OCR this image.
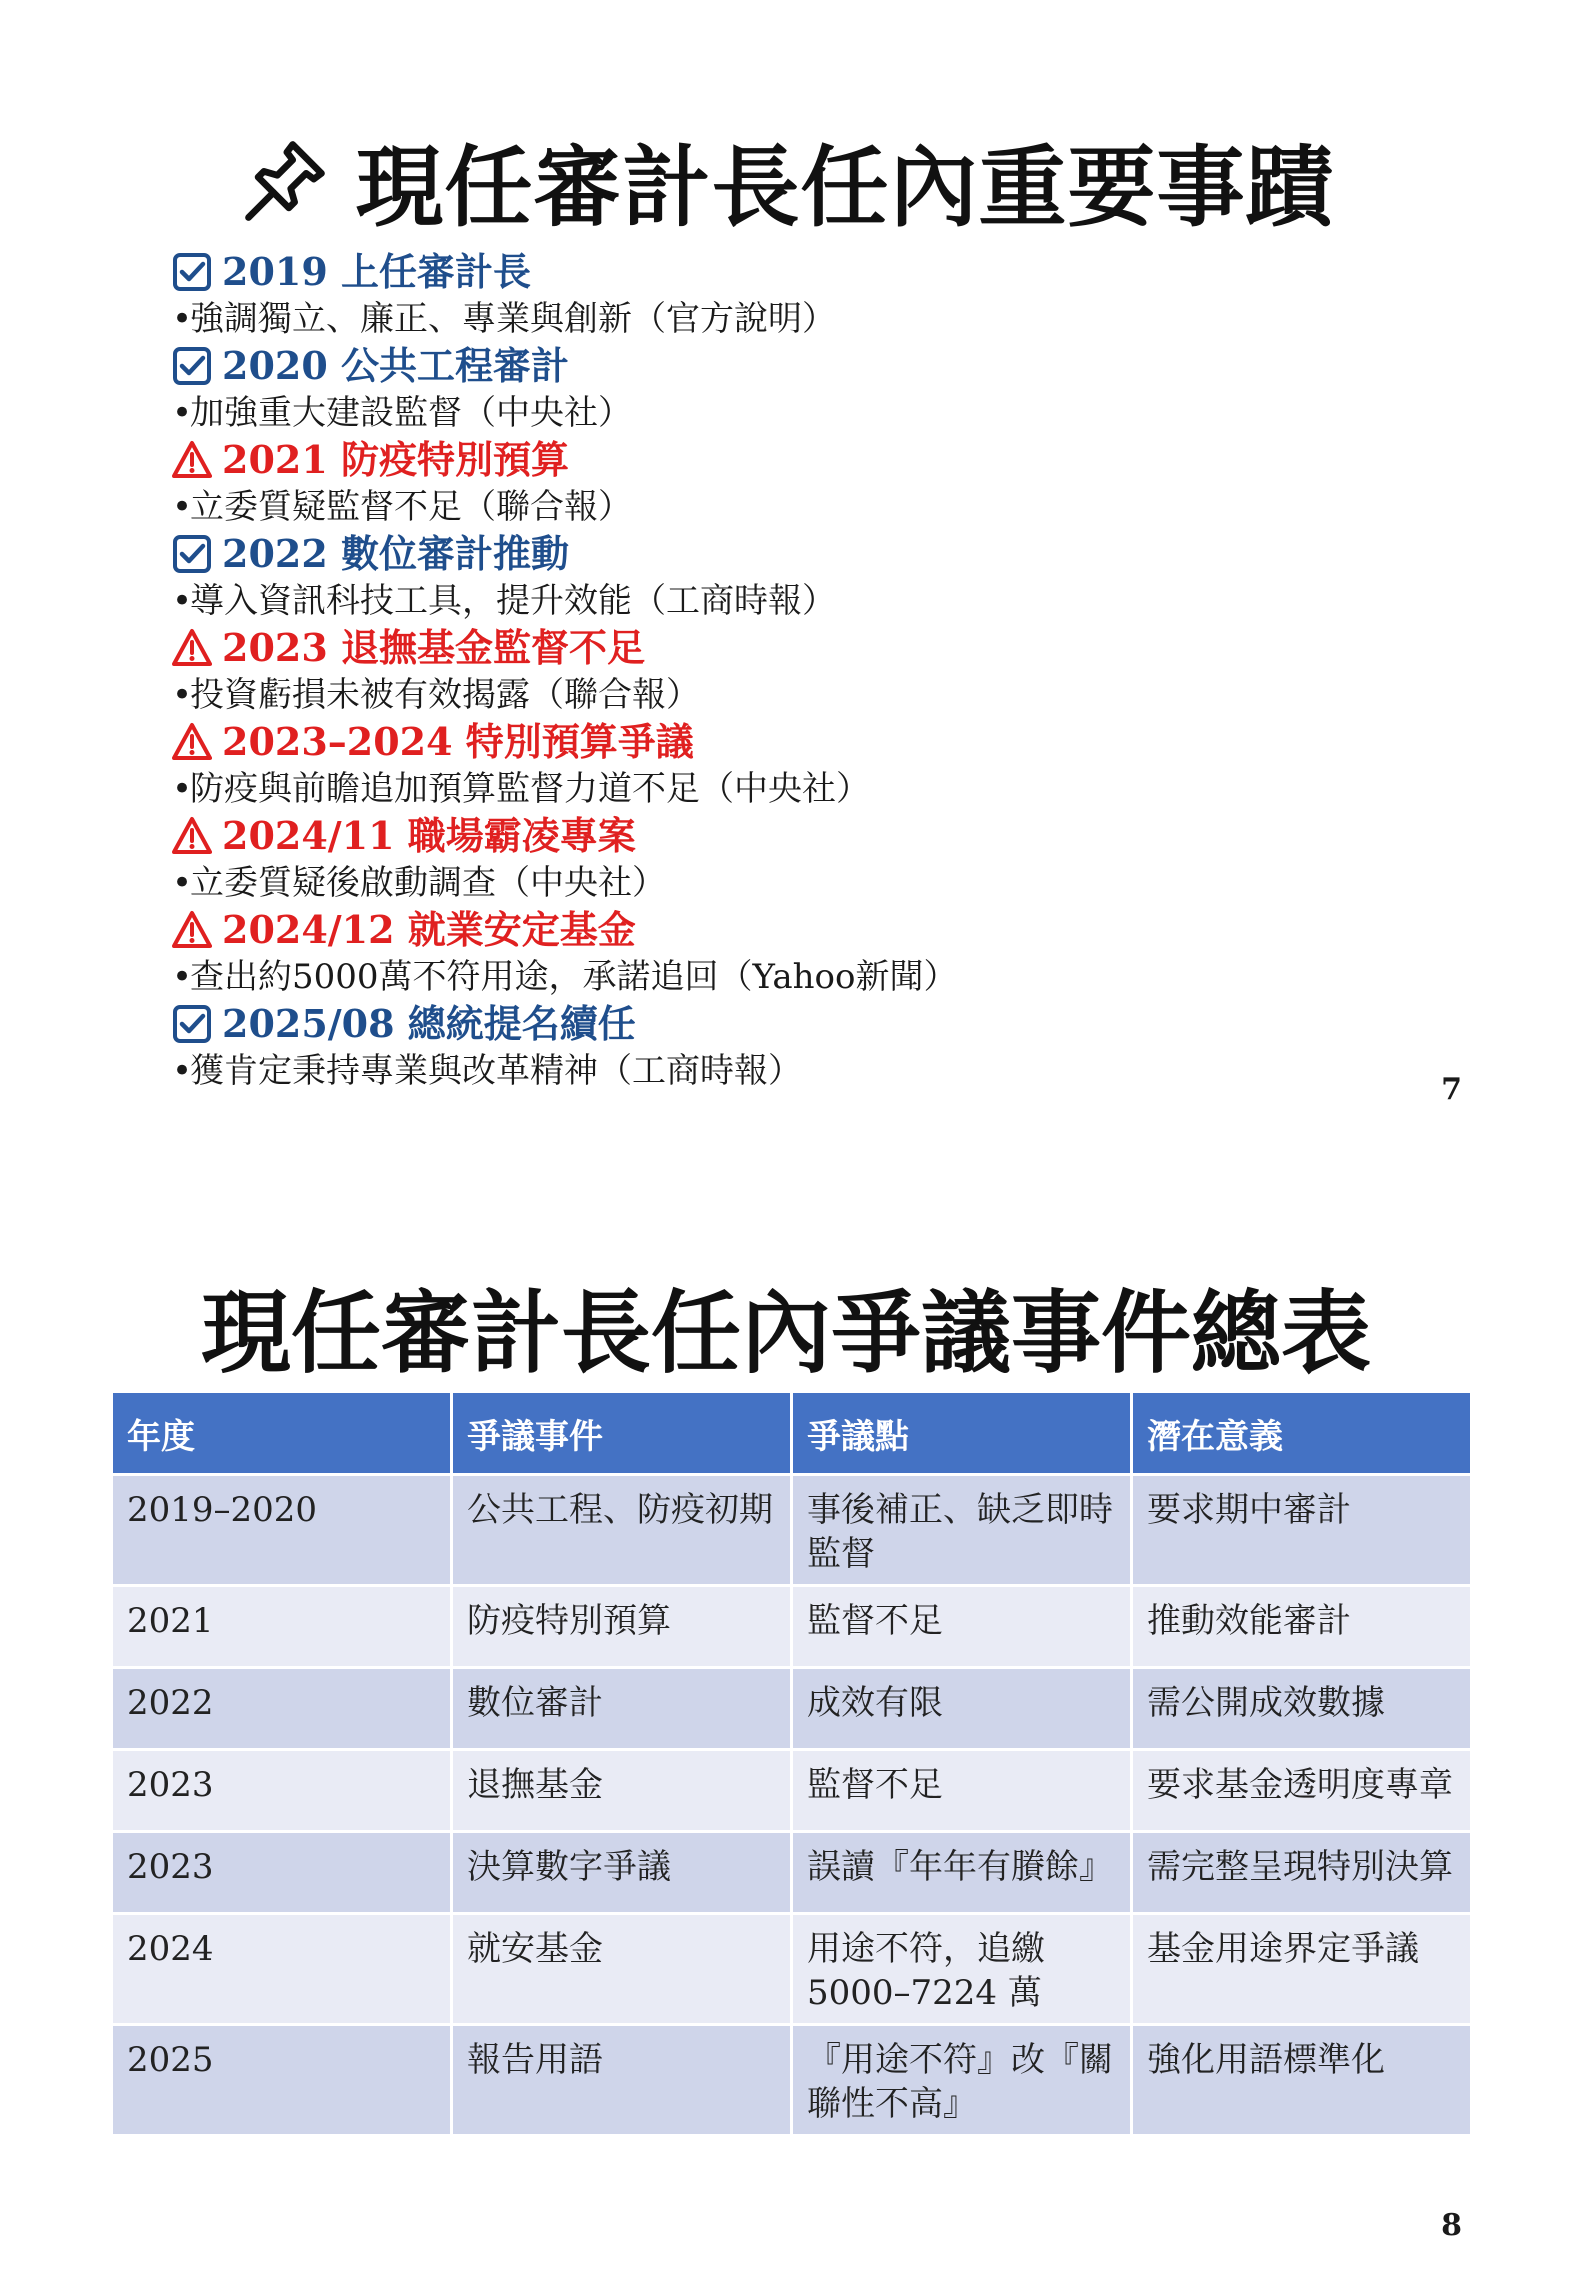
現任審計長任內重要事蹟
2019 上任審計長
• 強調獨立、廉正、專業與創新（官方說明）
2020 公共工程審計
• 加強重大建設監督（中央社）
2021 防疫特別預算
• 立委質疑監督不足（聯合報）
2022 數位審計推動
• 導入資訊科技工具，提升效能（工商時報）
2023 退撫基金監督不足
• 投資虧損未被有效揭露（聯合報）
2023–2024 特別預算爭議
• 防疫與前瞻追加預算監督力道不足（中央社）
2024/11 職場霸凌專案
• 立委質疑後啟動調查（中央社）
2024/12 就業安定基金
• 查出約5000萬不符用途，承諾追回（Yahoo新聞）
2025/08 總統提名續任
• 獲肯定秉持專業與改革精神（工商時報）	7
現任審計長任內爭議事件總表
年度	爭議事件	爭議點	潛在意義
2019–2020	公共工程、防疫初期	事後補正、缺乏即時監督	要求期中審計
2021	防疫特別預算	監督不足	推動效能審計
2022	數位審計	成效有限	需公開成效數據
2023	退撫基金	監督不足	要求基金透明度專章
2023	決算數字爭議	誤讀『年年有賸餘』	需完整呈現特別決算
2024	就安基金	用途不符，追繳 5000–7224 萬	基金用途界定爭議
2025	報告用語	『用途不符』改『關聯性不高』	強化用語標準化
8
